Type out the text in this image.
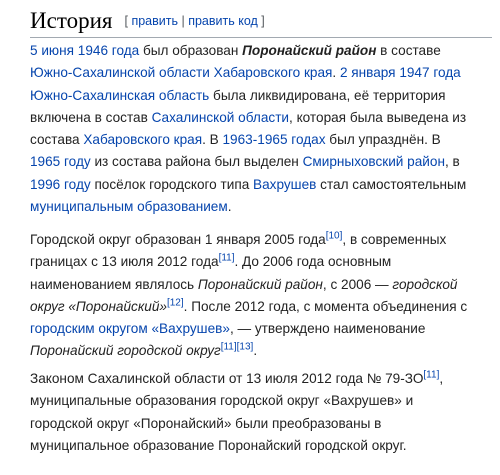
История [ править | править код ]
5 июня 1946 года был образован Поронайский район в составе
Южно-Сахалинской области Хабаровского края. 2 января 1947 года
Южно-Сахалинская область была ликвидирована, её территория
включена в состав Сахалинской области, которая была выведена из
состава Хабаровского края. В 1963-1965 годах был упразднён. В
1965 году из состава района был выделен Смирныховский район, в
1996 году посёлок городского типа Вахрушев стал самостоятельным
муниципальным образованием.
Городской округ образован 1 января 2005 года[10], в современных
границах с 13 июля 2012 года[11]. До 2006 года основным
наименованием являлось Поронайский район, с 2006 — городской
округ «Поронайский»[12]. После 2012 года, с момента объединения с
городским округом «Вахрушев», — утверждено наименование
Поронайский городской округ[11][13].
Законом Сахалинской области от 13 июля 2012 года № 79-ЗО[11],
муниципальные образования городской округ «Вахрушев» и
городской округ «Поронайский» были преобразованы в
муниципальное образование Поронайский городской округ.
